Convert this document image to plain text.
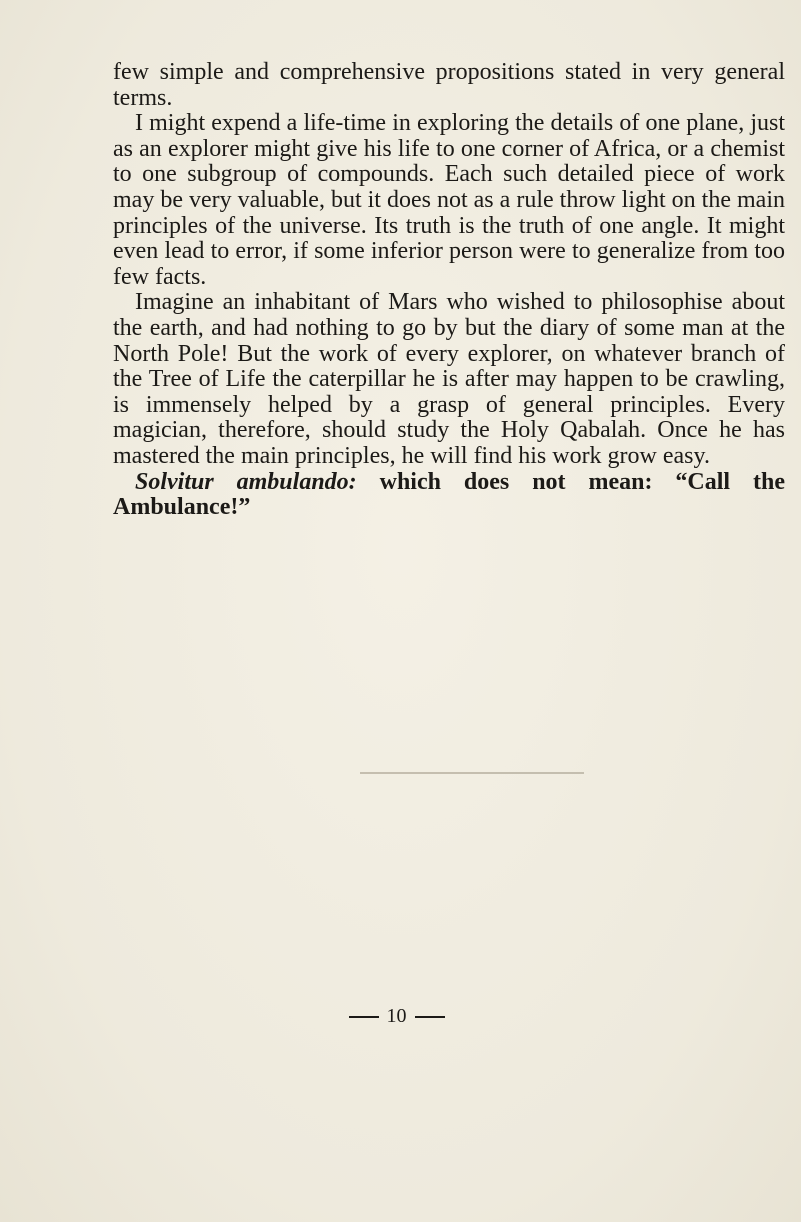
few simple and comprehensive propositions stated in very general terms.

I might expend a life-time in exploring the details of one plane, just as an explorer might give his life to one corner of Africa, or a chemist to one subgroup of compounds. Each such detailed piece of work may be very valuable, but it does not as a rule throw light on the main principles of the universe. Its truth is the truth of one angle. It might even lead to error, if some inferior person were to generalize from too few facts.

Imagine an inhabitant of Mars who wished to philosophise about the earth, and had nothing to go by but the diary of some man at the North Pole! But the work of every explorer, on whatever branch of the Tree of Life the caterpillar he is after may happen to be crawling, is immensely helped by a grasp of general principles. Every magician, therefore, should study the Holy Qabalah. Once he has mastered the main principles, he will find his work grow easy.

Solvitur ambulando: which does not mean: “Call the Ambulance!”

10
